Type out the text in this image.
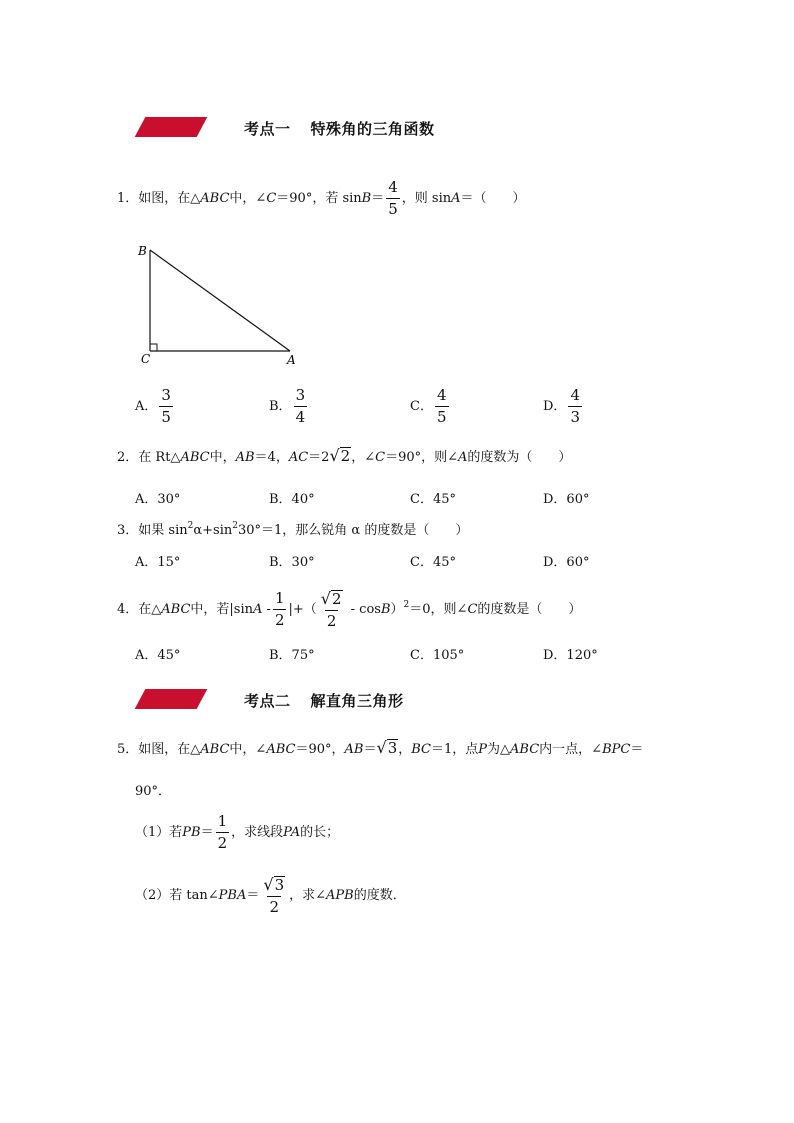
考点一 特殊角的三角函数
1．如图，在△ABC中，∠C＝90°，若 $\sin B= \frac{4}{5}$ ，则 sinA＝（　　）
B
C	A
A． $\frac{3}{5}$	B． $\frac{3}{4}$	C． $\frac{4}{5}$	D． $\frac{4}{3}$
2．在 Rt△ABC中，AB＝4，AC＝2 √ 2 ，∠C＝90°，则∠A的度数为（　　）
A．30°	B．40°	C．45°	D．60°
3．如果 $\sin^2\alpha+\sin^230^\circ=1$，那么锐角 α 的度数是（　　）
A．15°	B．30°	C．45°	D．60°
4．在△ABC中，若$|\sin A - \frac{1}{2}$ |+（ $\frac{√ 2}{2} - \cos B)^2=0$，则∠C的度数是（　　）
A．45°	B．75°	C．105°	D．120°
考点二 解直角三角形
5．如图，在△ABC中，∠ABC＝90°，AB＝ √ 3 ，BC＝1，点P为△ABC内一点，∠BPC＝
90°．
（1）若$PB= \frac{1}{2}$ ，求线段PA的长；
（2）若 tan∠PBA＝ $\frac{√ 3}{2}$ ，求∠APB的度数．
